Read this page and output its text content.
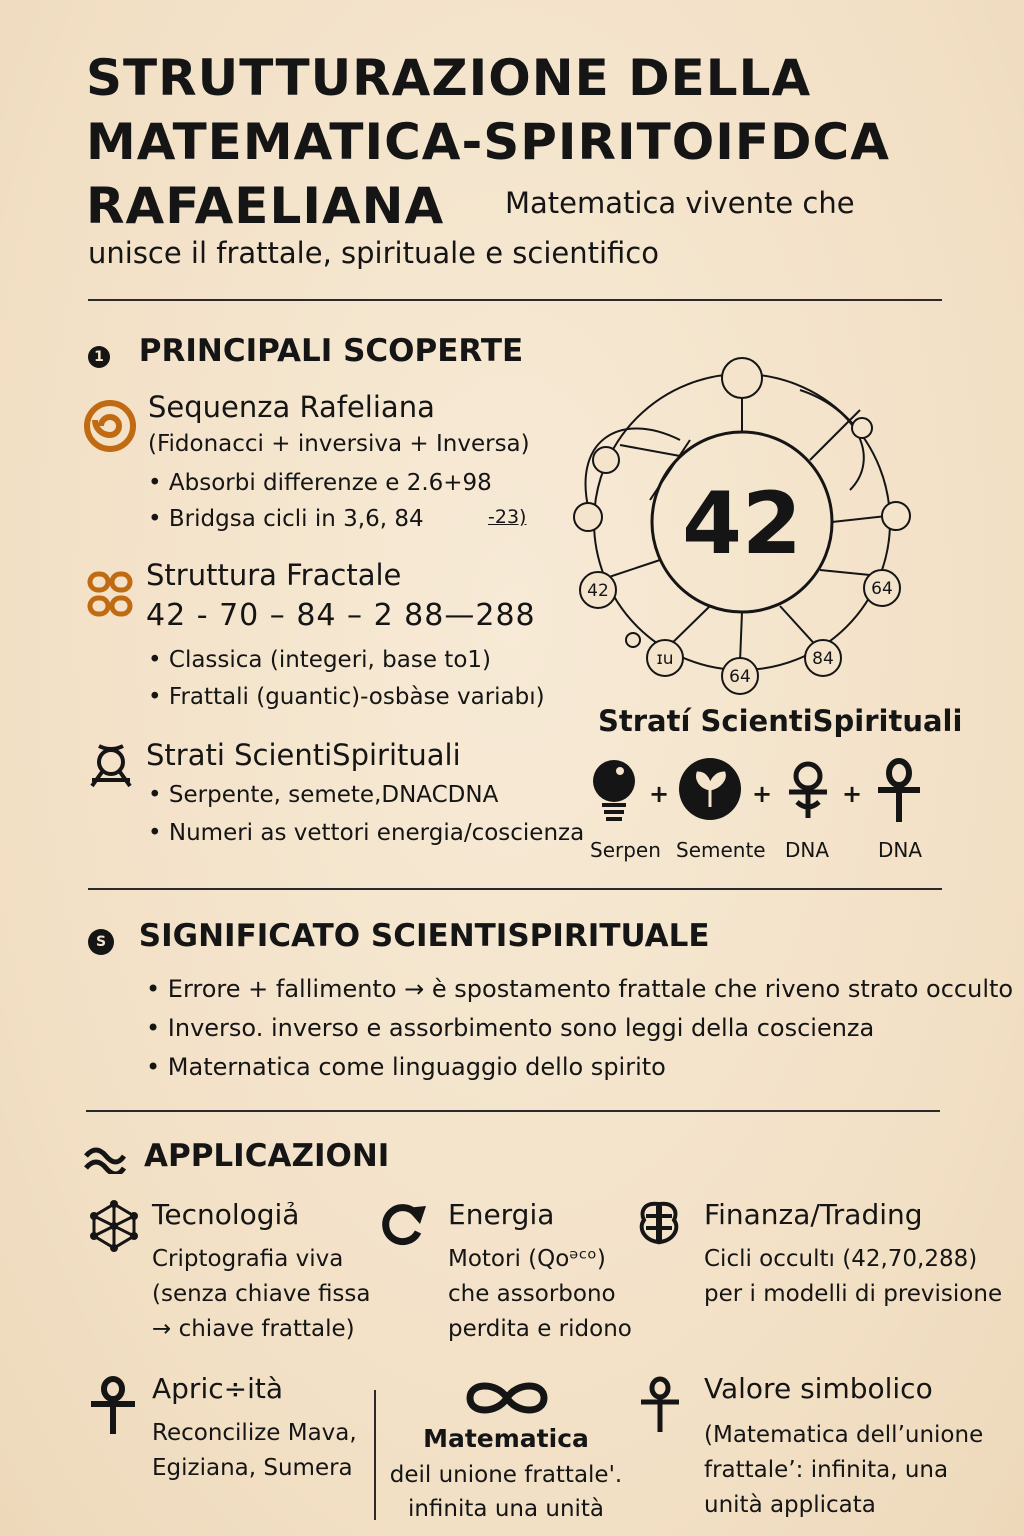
STRUTTURAZIONE DELLA
MATEMATICA-SPIRITOIFDCA
RAFAELIANA	Matematica vivente che
unisce il frattale, spirituale e scientifico
1 PRINCIPALI SCOPERTE
Sequenza Rafeliana
(Fidonacci + inversiva + Inversa)
• Absorbi differenze e 2.6+98
• Bridgsa cicli in 3,6, 84	-23)
Struttura Fractale
42 - 70 – 84 – 2 88—288
• Classica (integeri, base to1)
• Frattali (guantic)-osbàse variabı)
Strati ScientiSpirituali
• Serpente, semete,DNACDNA
• Numeri as vettori energia/coscienza
42
42	64
ɪu
64
84
Stratí ScientiSpirituali
+	+	+
Serpen Semente DNA DNA
S SIGNIFICATO SCIENTISPIRITUALE
• Errore + fallimento → è spostamento frattale che riveno strato occulto
• Inverso. inverso e assorbimento sono leggi della coscienza
• Maternatica come linguaggio dello spirito
APPLICAZIONI
Tecnologiả
Criptografia viva
(senza chiave fissa
→ chiave frattale)
Energia
Motori (Qoᵊᶜᵒ)
che assorbono
perdita e ridono
Finanza/Trading
Cicli occultı (42,70,288)
per i modelli di previsione
Apric÷ità
Reconcilize Mava,
Egiziana, Sumera
Matematica
deil unione frattale'.
infinita una unità
Valore simbolico
(Matematica dell’unione
frattale’: infinita, una
unità applicata
